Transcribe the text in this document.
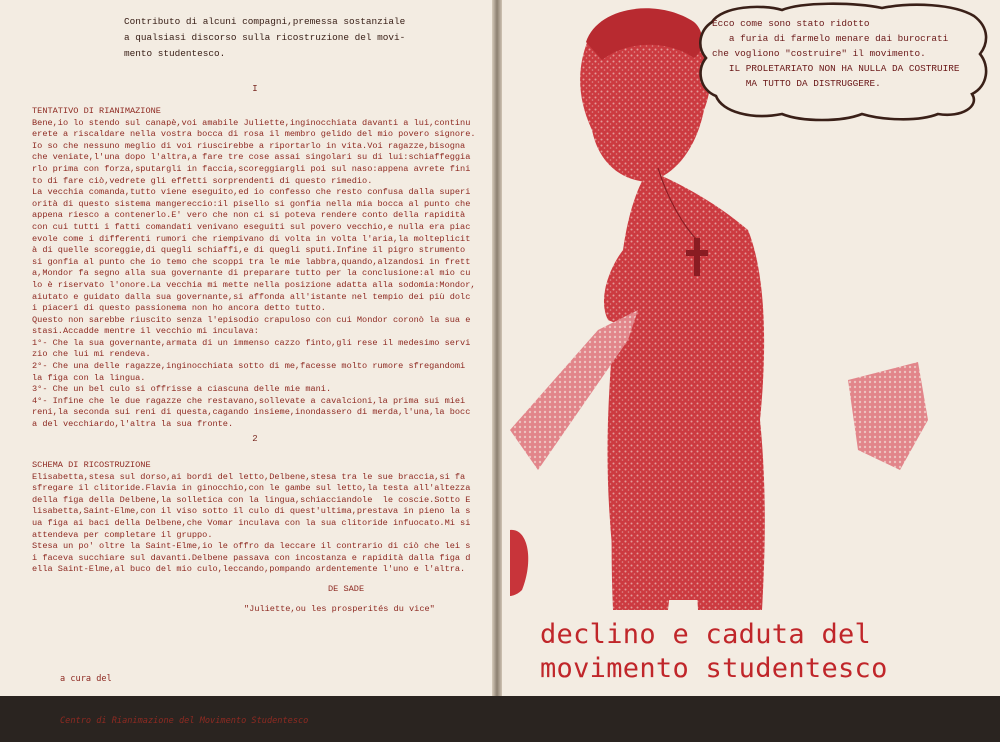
Contributo di alcuni compagni,premessa sostanziale
a qualsiasi discorso sulla ricostruzione del movi-
mento studentesco.
I
TENTATIVO DI RIANIMAZIONE
Bene,io lo stendo sul canapè,voi amabile Juliette,inginocchiata davanti a lui,continu
erete a riscaldare nella vostra bocca di rosa il membro gelido del mio povero signore.
Io so che nessuno meglio di voi riuscirebbe a riportarlo in vita.Voi ragazze,bisogna
che veniate,l'una dopo l'altra,a fare tre cose assai singolari su di lui:schiaffeggia
rlo prima con forza,sputargli in faccia,scoreggiargli poi sul naso:appena avrete fini
to di fare ciò,vedrete gli effetti sorprendenti di questo rimedio.
La vecchia comanda,tutto viene eseguito,ed io confesso che resto confusa dalla superi
orità di questo sistema mangereccio:il pisello si gonfia nella mia bocca al punto che
appena riesco a contenerlo.E' vero che non ci si poteva rendere conto della rapidità
con cui tutti i fatti comandati venivano eseguiti sul povero vecchio,e nulla era piac
evole come i differenti rumori che riempivano di volta in volta l'aria,la molteplicit
à di quelle scoreggie,di quegli schiaffi,e di quegli sputi.Infine il pigro strumento
si gonfia al punto che io temo che scoppi tra le mie labbra,quando,alzandosi in frett
a,Mondor fa segno alla sua governante di preparare tutto per la conclusione:al mio cu
lo è riservato l'onore.La vecchia mi mette nella posizione adatta alla sodomia:Mondor,
aiutato e guidato dalla sua governante,si affonda all'istante nel tempio dei più dolc
i piaceri di questo passionema non ho ancora detto tutto.
Questo non sarebbe riuscito senza l'episodio crapuloso con cui Mondor coronò la sua e
stasi.Accadde mentre il vecchio mi inculava:
1°- Che la sua governante,armata di un immenso cazzo finto,gli rese il medesimo servi
zio che lui mi rendeva.
2°- Che una delle ragazze,inginocchiata sotto di me,facesse molto rumore sfregandomi
la figa con la lingua.
3°- Che un bel culo si offrisse a ciascuna delle mie mani.
4°- Infine che le due ragazze che restavano,sollevate a cavalcioni,la prima sui miei
reni,la seconda sui reni di questa,cagando insieme,inondassero di merda,l'una,la bocc
a del vecchiardo,l'altra la sua fronte.
2
SCHEMA DI RICOSTRUZIONE
Elisabetta,stesa sul dorso,ai bordi del letto,Delbene,stesa tra le sue braccia,si fa
sfregare il clitoride.Flavia in ginocchio,con le gambe sul letto,la testa all'altezza
della figa della Delbene,la solletica con la lingua,schiacciandole  le coscie.Sotto E
lisabetta,Saint-Elme,con il viso sotto il culo di quest'ultima,prestava in pieno la s
ua figa ai baci della Delbene,che Vomar inculava con la sua clitoride infuocato.Mi si
attendeva per completare il gruppo.
Stesa un po' oltre la Saint-Elme,io le offro da leccare il contrario di ciò che lei s
i faceva succhiare sul davanti.Delbene passava con incostanza e rapidità dalla figa d
ella Saint-Elme,al buco del mio culo,leccando,pompando ardentemente l'uno e l'altra.
DE SADE
"Juliette,ou les prosperités du vice"

a cura del

Centro di Rianimazione del Movimento Studentesco

Ecco come sono stato ridotto
a furia di farmelo menare dai burocrati
che vogliono "costruire" il movimento.
IL PROLETARIATO NON HA NULLA DA COSTRUIRE
MA TUTTO DA DISTRUGGERE.
declino e caduta del
movimento studentesco
